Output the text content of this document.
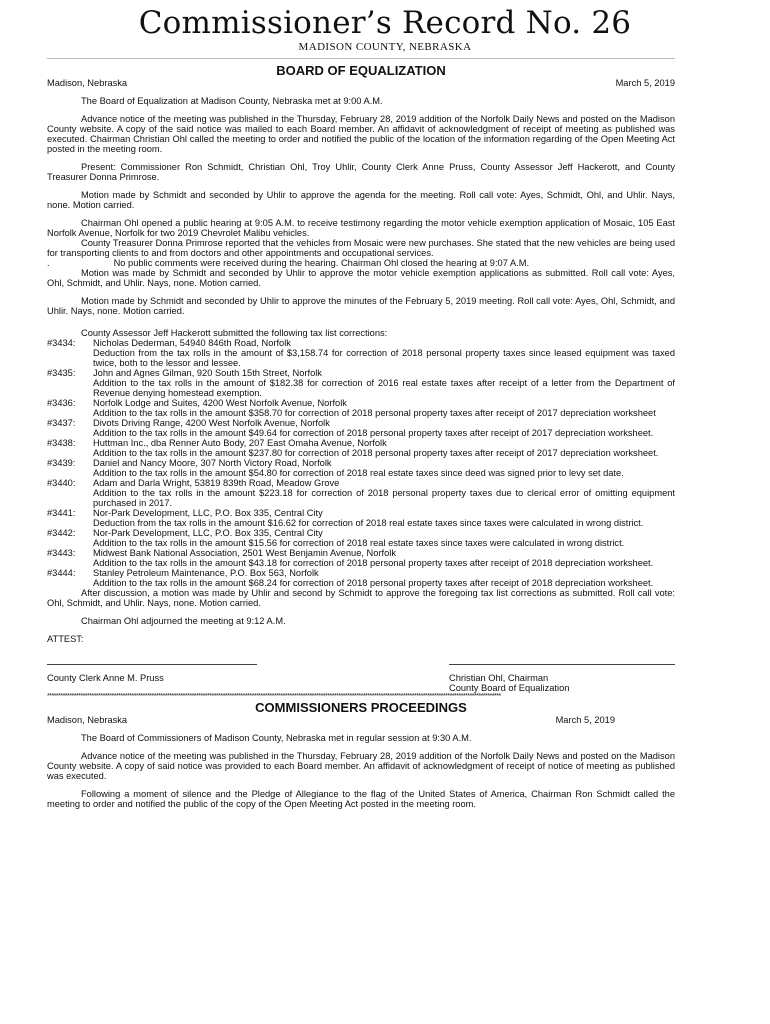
Commissioner’s Record No. 26
MADISON COUNTY, NEBRASKA

BOARD OF EQUALIZATION

Madison, Nebraska	March 5, 2019

The Board of Equalization at Madison County, Nebraska met at 9:00 A.M.

Advance notice of the meeting was published in the Thursday, February 28, 2019 addition of the Norfolk Daily News and posted on the Madison County website. A copy of the said notice was mailed to each Board member. An affidavit of acknowledgment of receipt of meeting as published was executed. Chairman Christian Ohl called the meeting to order and notified the public of the location of the information regarding of the Open Meeting Act posted in the meeting room.

Present: Commissioner Ron Schmidt, Christian Ohl, Troy Uhlir, County Clerk Anne Pruss, County Assessor Jeff Hackerott, and County Treasurer Donna Primrose.

Motion made by Schmidt and seconded by Uhlir to approve the agenda for the meeting. Roll call vote: Ayes, Schmidt, Ohl, and Uhlir. Nays, none. Motion carried.

Chairman Ohl opened a public hearing at 9:05 A.M. to receive testimony regarding the motor vehicle exemption application of Mosaic, 105 East Norfolk Avenue, Norfolk for two 2019 Chevrolet Malibu vehicles.

County Treasurer Donna Primrose reported that the vehicles from Mosaic were new purchases. She stated that the new vehicles are being used for transporting clients to and from doctors and other appointments and occupational services.

.	No public comments were received during the hearing. Chairman Ohl closed the hearing at 9:07 A.M.

Motion was made by Schmidt and seconded by Uhlir to approve the motor vehicle exemption applications as submitted. Roll call vote: Ayes, Ohl, Schmidt, and Uhlir. Nays, none. Motion carried.

Motion made by Schmidt and seconded by Uhlir to approve the minutes of the February 5, 2019 meeting. Roll call vote: Ayes, Ohl, Schmidt, and Uhlir. Nays, none. Motion carried.

County Assessor Jeff Hackerott submitted the following tax list corrections:

#3434:	Nicholas Dederman, 54940 846th Road, Norfolk
Deduction from the tax rolls in the amount of $3,158.74 for correction of 2018 personal property taxes since leased equipment was taxed twice, both to the lessor and lessee.
#3435:	John and Agnes Gilman, 920 South 15th Street, Norfolk
Addition to the tax rolls in the amount of $182.38 for correction of 2016 real estate taxes after receipt of a letter from the Department of Revenue denying homestead exemption.
#3436:	Norfolk Lodge and Suites, 4200 West Norfolk Avenue, Norfolk
Addition to the tax rolls in the amount $358.70 for correction of 2018 personal property taxes after receipt of 2017 depreciation worksheet
#3437:	Divots Driving Range, 4200 West Norfolk Avenue, Norfolk
Addition to the tax rolls in the amount $49.64 for correction of 2018 personal property taxes after receipt of 2017 depreciation worksheet.
#3438:	Huttman Inc., dba Renner Auto Body, 207 East Omaha Avenue, Norfolk
Addition to the tax rolls in the amount $237.80 for correction of 2018 personal property taxes after receipt of 2017 depreciation worksheet.
#3439:	Daniel and Nancy Moore, 307 North Victory Road, Norfolk
Addition to the tax rolls in the amount $54.80 for correction of 2018 real estate taxes since deed was signed prior to levy set date.
#3440:	Adam and Darla Wright, 53819 839th Road, Meadow Grove
Addition to the tax rolls in the amount $223.18 for correction of 2018 personal property taxes due to clerical error of omitting equipment purchased in 2017.
#3441:	Nor-Park Development, LLC, P.O. Box 335, Central City
Deduction from the tax rolls in the amount $16.62 for correction of 2018 real estate taxes since taxes were calculated in wrong district.
#3442:	Nor-Park Development, LLC, P.O. Box 335, Central City
Addition to the tax rolls in the amount $15.56 for correction of 2018 real estate taxes since taxes were calculated in wrong district.
#3443:	Midwest Bank National Association, 2501 West Benjamin Avenue, Norfolk
Addition to the tax rolls in the amount $43.18 for correction of 2018 personal property taxes after receipt of 2018 depreciation worksheet.
#3444:	Stanley Petroleum Maintenance, P.O. Box 563, Norfolk
Addition to the tax rolls in the amount $68.24 for correction of 2018 personal property taxes after receipt of 2018 depreciation worksheet.

After discussion, a motion was made by Uhlir and second by Schmidt to approve the foregoing tax list corrections as submitted. Roll call vote: Ohl, Schmidt, and Uhlir. Nays, none. Motion carried.

Chairman Ohl adjourned the meeting at 9:12 A.M.

ATTEST:

County Clerk Anne M. Pruss	Christian Ohl, Chairman
County Board of Equalization
************************************************************************************************************************************************************************************************************

COMMISSIONERS PROCEEDINGS

Madison, Nebraska	March 5, 2019

The Board of Commissioners of Madison County, Nebraska met in regular session at 9:30 A.M.

Advance notice of the meeting was published in the Thursday, February 28, 2019 addition of the Norfolk Daily News and posted on the Madison County website. A copy of said notice was provided to each Board member. An affidavit of acknowledgment of receipt of notice of meeting as published was executed.

Following a moment of silence and the Pledge of Allegiance to the flag of the United States of America, Chairman Ron Schmidt called the meeting to order and notified the public of the copy of the Open Meeting Act posted in the meeting room.
